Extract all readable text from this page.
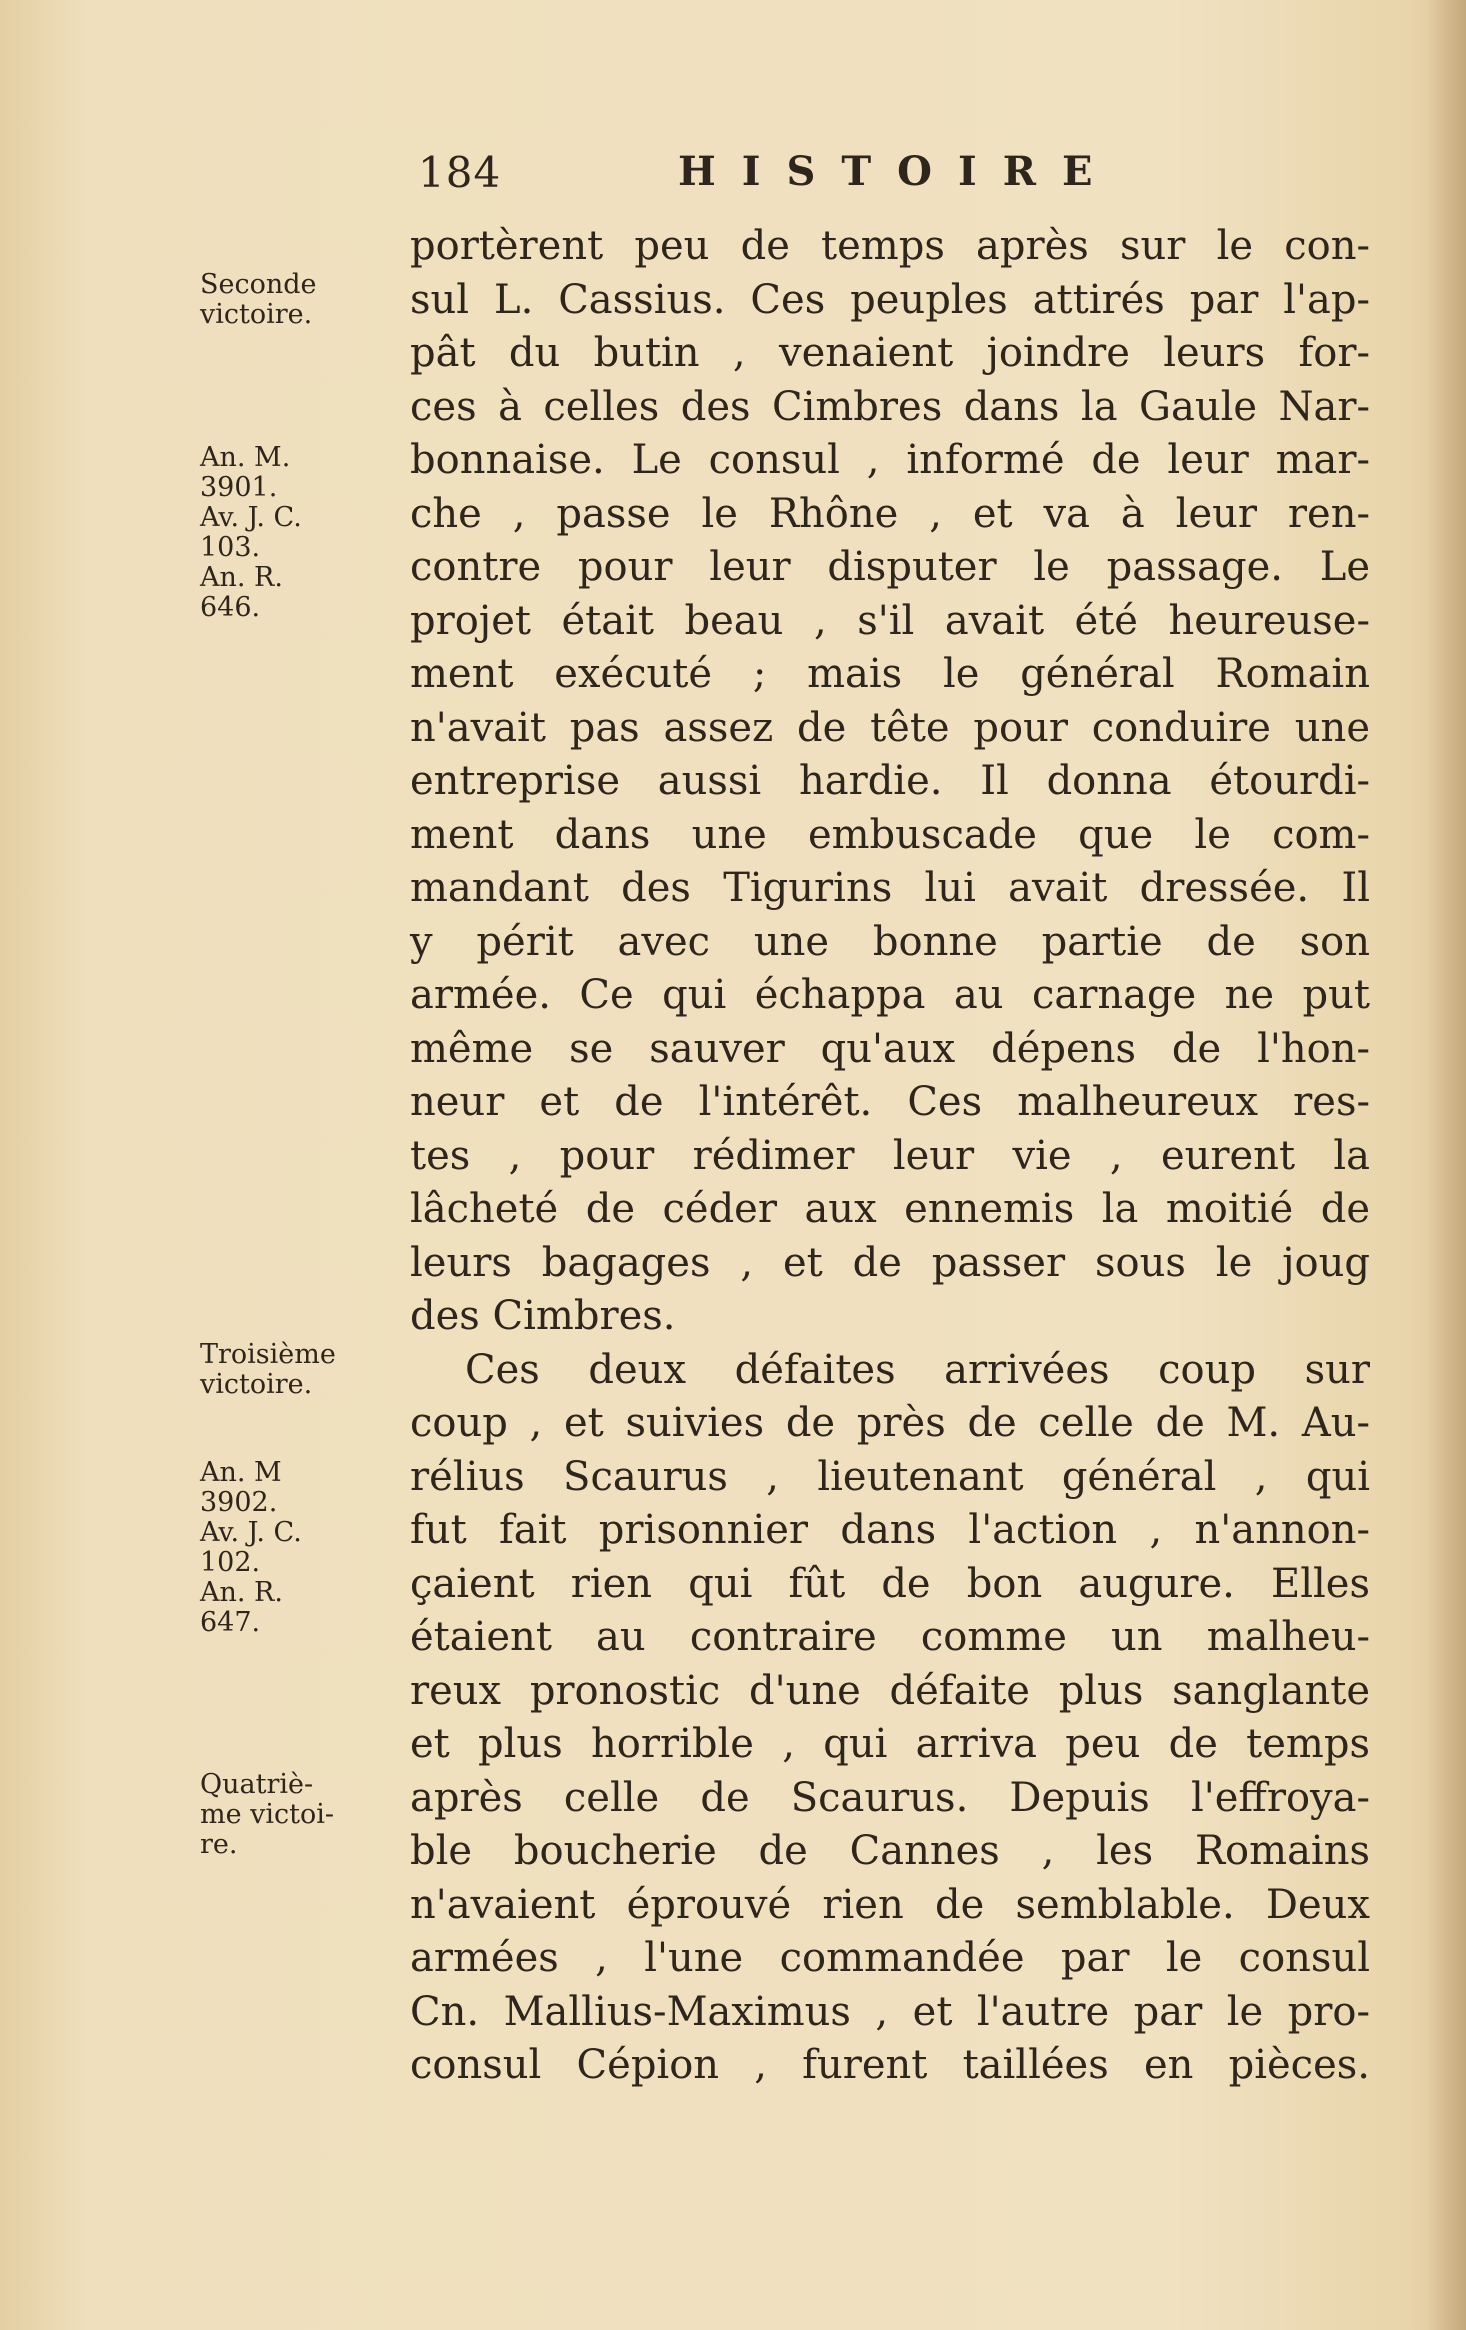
184	HISTOIRE
portèrent peu de temps après sur le con-
sul L. Cassius. Ces peuples attirés par l'ap-
pât du butin , venaient joindre leurs for-
ces à celles des Cimbres dans la Gaule Nar-
bonnaise. Le consul , informé de leur mar-
che , passe le Rhône , et va à leur ren-
contre pour leur disputer le passage. Le
projet était beau , s'il avait été heureuse-
ment exécuté ; mais le général Romain
n'avait pas assez de tête pour conduire une
entreprise aussi hardie. Il donna étourdi-
ment dans une embuscade que le com-
mandant des Tigurins lui avait dressée. Il
y périt avec une bonne partie de son
armée. Ce qui échappa au carnage ne put
même se sauver qu'aux dépens de l'hon-
neur et de l'intérêt. Ces malheureux res-
tes , pour rédimer leur vie , eurent la
lâcheté de céder aux ennemis la moitié de
leurs bagages , et de passer sous le joug
des Cimbres.
Ces deux défaites arrivées coup sur
coup , et suivies de près de celle de M. Au-
rélius Scaurus , lieutenant général , qui
fut fait prisonnier dans l'action , n'annon-
çaient rien qui fût de bon augure. Elles
étaient au contraire comme un malheu-
reux pronostic d'une défaite plus sanglante
et plus horrible , qui arriva peu de temps
après celle de Scaurus. Depuis l'effroya-
ble boucherie de Cannes , les Romains
n'avaient éprouvé rien de semblable. Deux
armées , l'une commandée par le consul
Cn. Mallius-Maximus , et l'autre par le pro-
consul Cépion , furent taillées en pièces.
Seconde
victoire.
An. M.
3901.
Av. J. C.
103.
An. R.
646.
Troisième
victoire.
An. M
3902.
Av. J. C.
102.
An. R.
647.
Quatriè-
me victoi-
re.
